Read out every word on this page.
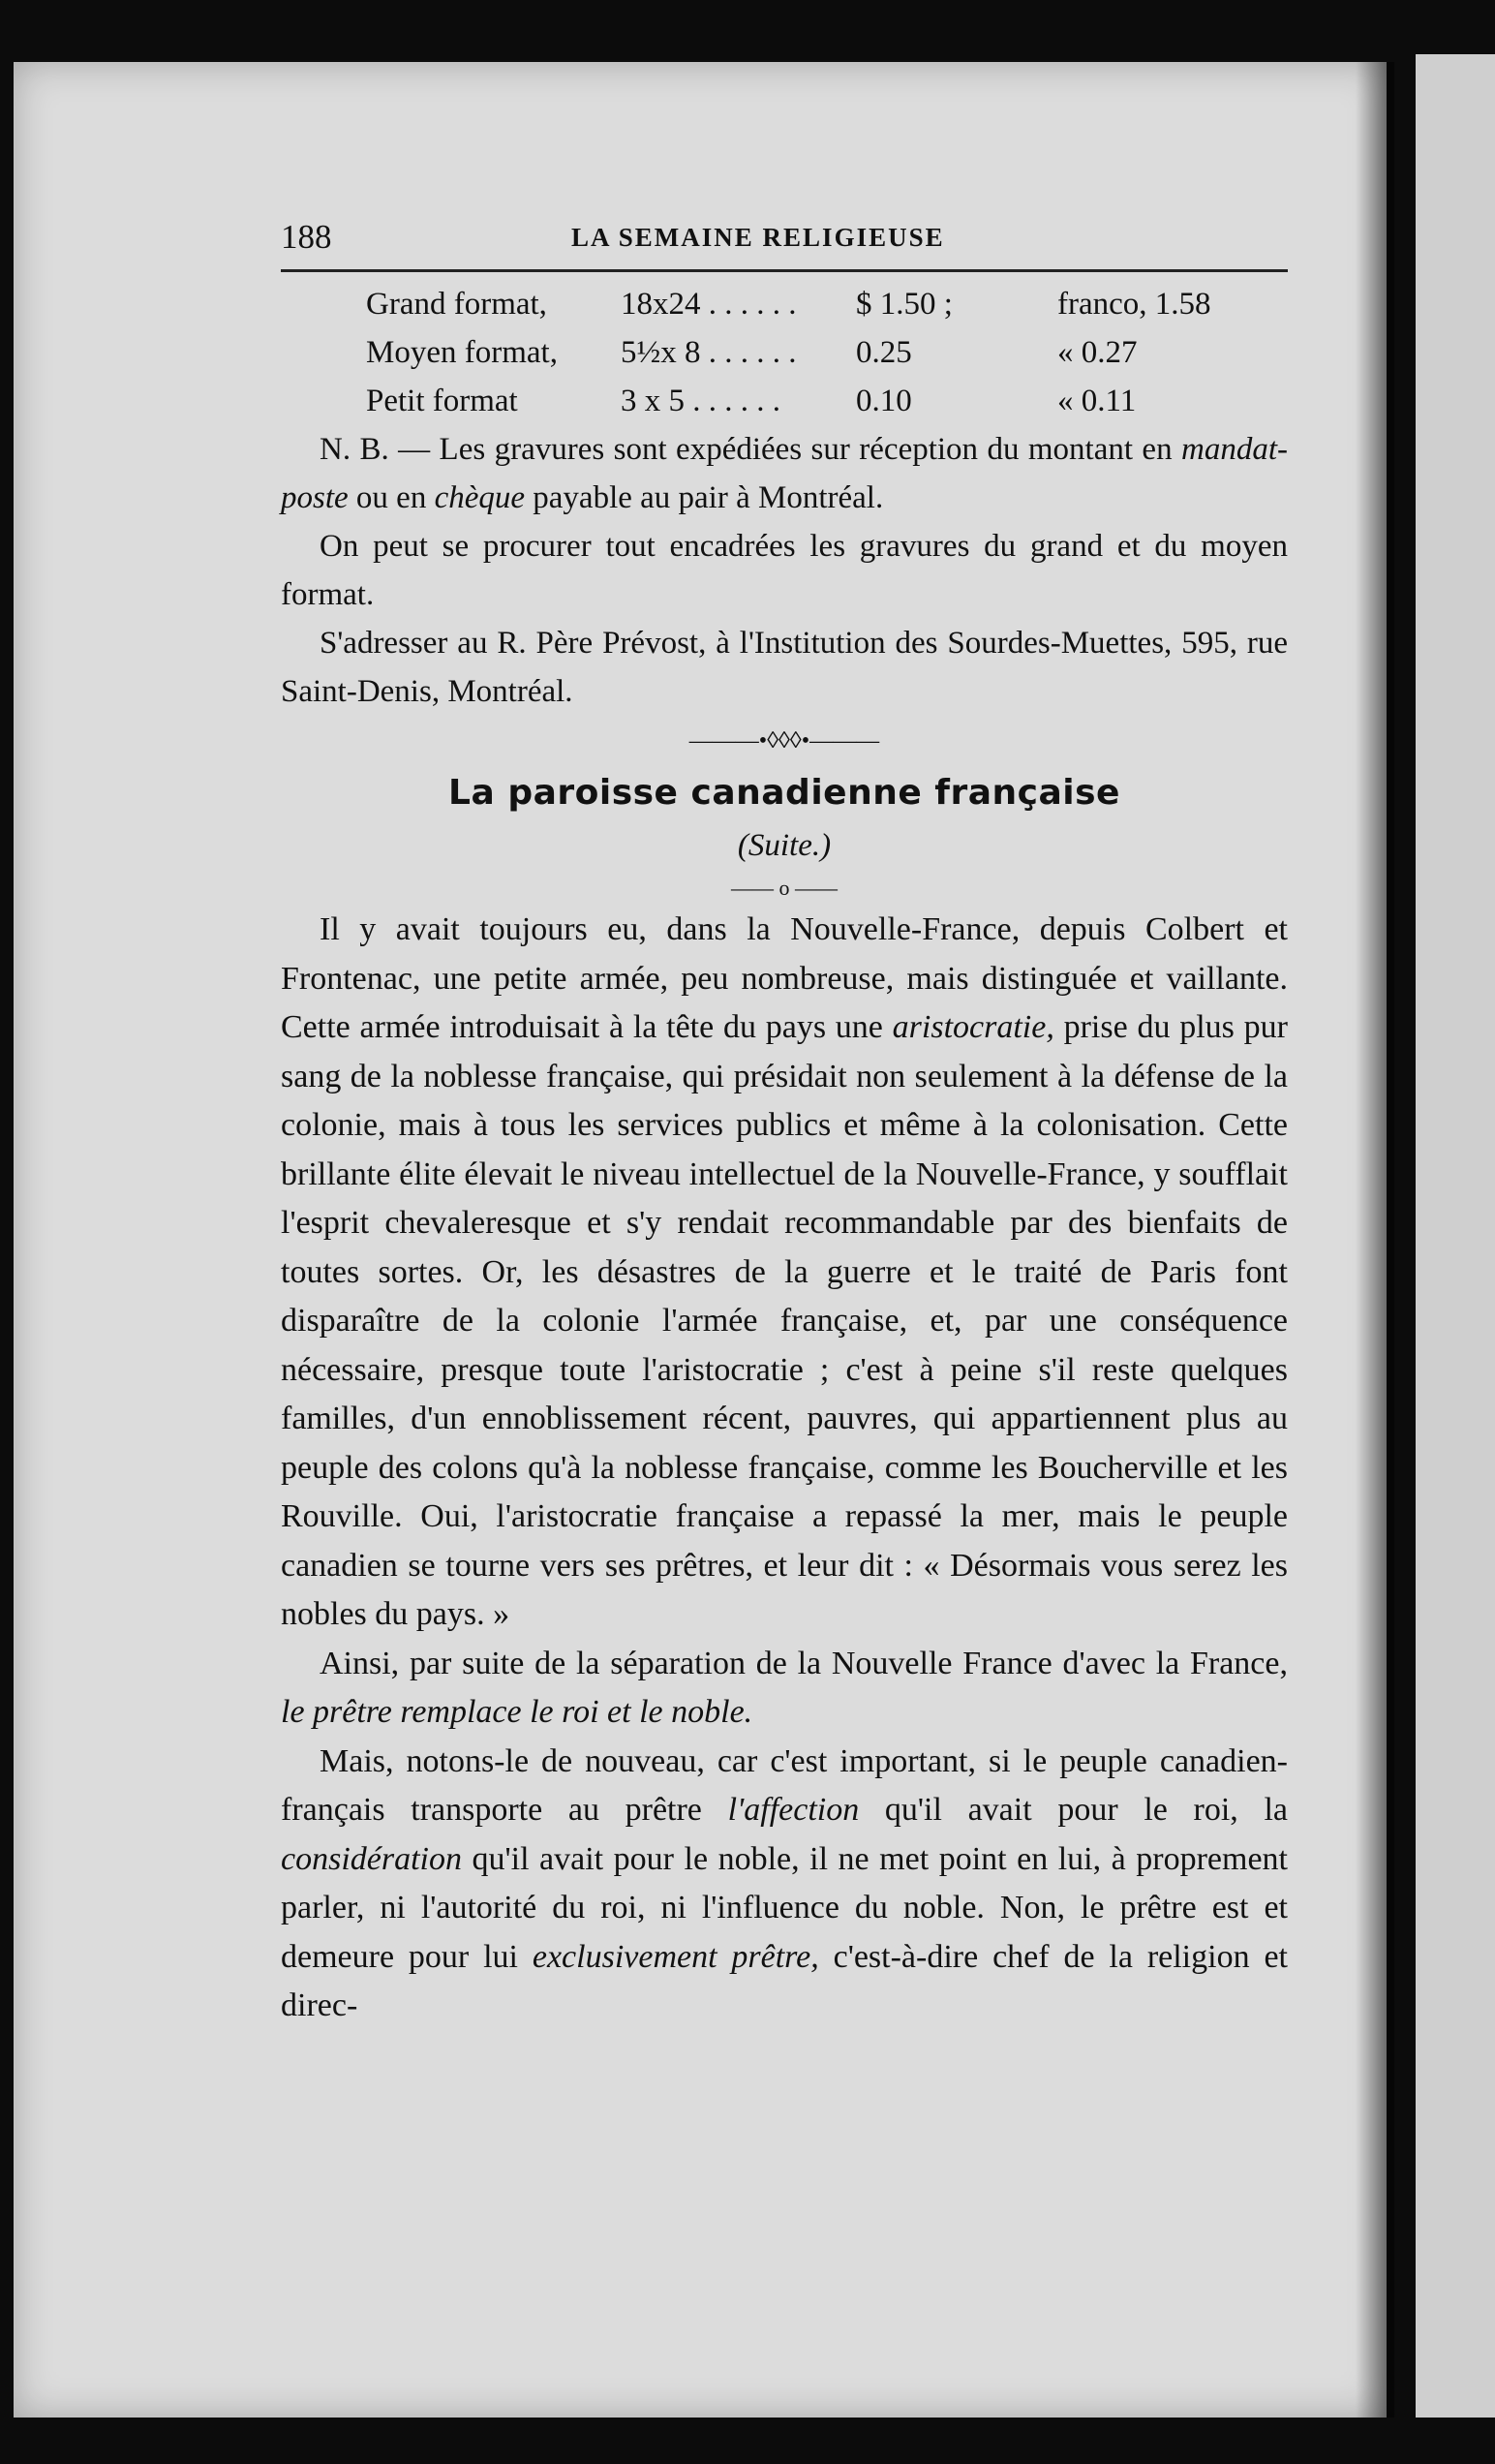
188	LA SEMAINE RELIGIEUSE
Grand format, 18x24 . . . . . . $ 1.50 ;	franco, 1.58
Moyen format, 5½x 8 . . . . . . 0.25	« 0.27
Petit format	3 x 5 . . . . . . 0.10	« 0.11

N. B. — Les gravures sont expédiées sur réception du montant en mandat-poste ou en chèque payable au pair à Montréal.

On peut se procurer tout encadrées les gravures du grand et du moyen format.

S'adresser au R. Père Prévost, à l'Institution des Sourdes-Muettes, 595, rue Saint-Denis, Montréal.

———•◊◊◊•———
La paroisse canadienne française
(Suite.)
—— o ——

Il y avait toujours eu, dans la Nouvelle-France, depuis Colbert et Frontenac, une petite armée, peu nombreuse, mais distinguée et vaillante. Cette armée introduisait à la tête du pays une aristocratie, prise du plus pur sang de la noblesse française, qui présidait non seulement à la défense de la colonie, mais à tous les services publics et même à la colonisation. Cette brillante élite élevait le niveau intellectuel de la Nouvelle-France, y soufflait l'esprit chevaleresque et s'y rendait recommandable par des bienfaits de toutes sortes. Or, les désastres de la guerre et le traité de Paris font disparaître de la colonie l'armée française, et, par une conséquence nécessaire, presque toute l'aristocratie ; c'est à peine s'il reste quelques familles, d'un ennoblissement récent, pauvres, qui appartiennent plus au peuple des colons qu'à la noblesse française, comme les Boucherville et les Rouville. Oui, l'aristocratie française a repassé la mer, mais le peuple canadien se tourne vers ses prêtres, et leur dit : « Désormais vous serez les nobles du pays. »

Ainsi, par suite de la séparation de la Nouvelle France d'avec la France, le prêtre remplace le roi et le noble.

Mais, notons-le de nouveau, car c'est important, si le peuple canadien-français transporte au prêtre l'affection qu'il avait pour le roi, la considération qu'il avait pour le noble, il ne met point en lui, à proprement parler, ni l'autorité du roi, ni l'influence du noble. Non, le prêtre est et demeure pour lui exclusivement prêtre, c'est-à-dire chef de la religion et direc-
